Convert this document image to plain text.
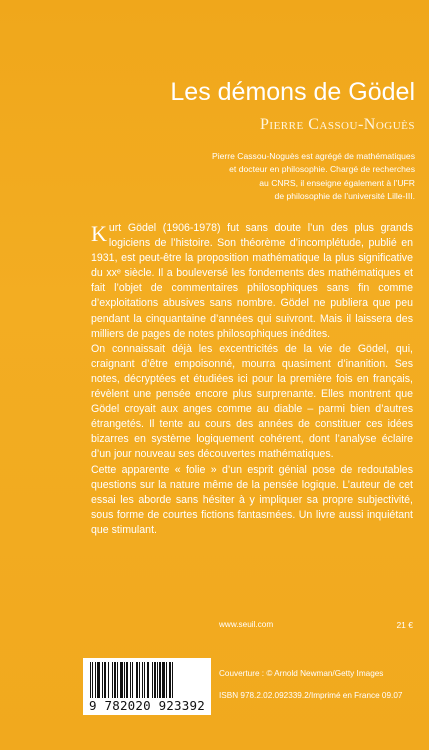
Les démons de Gödel
Pierre Cassou-Noguès
Pierre Cassou-Noguès est agrégé de mathématiques
et docteur en philosophie. Chargé de recherches
au CNRS, il enseigne également à l’UFR
de philosophie de l’université Lille-III.

Kurt Gödel (1906-1978) fut sans doute l’un des plus grands logiciens de l’histoire. Son théorème d’incomplétude, publié en 1931, est peut-être la proposition mathématique la plus significative du xxᵉ siècle. Il a bouleversé les fondements des mathématiques et fait l’objet de commentaires philosophiques sans fin comme d’exploitations abusives sans nombre. Gödel ne publiera que peu pendant la cinquantaine d’années qui suivront. Mais il laissera des milliers de pages de notes philosophiques inédites.

On connaissait déjà les excentricités de la vie de Gödel, qui, craignant d’être empoisonné, mourra quasiment d’inanition. Ses notes, décryptées et étudiées ici pour la première fois en français, révèlent une pensée encore plus surprenante. Elles montrent que Gödel croyait aux anges comme au diable – parmi bien d’autres étrangetés. Il tente au cours des années de constituer ces idées bizarres en système logiquement cohérent, dont l’analyse éclaire d’un jour nouveau ses découvertes mathématiques.

Cette apparente « folie » d’un esprit génial pose de redoutables questions sur la nature même de la pensée logique. L’auteur de cet essai les aborde sans hésiter à y impliquer sa propre subjectivité, sous forme de courtes fictions fantasmées. Un livre aussi inquiétant que stimulant.

www.seuil.com	21 €
9 782020 923392
Couverture : © Arnold Newman/Getty Images
ISBN 978.2.02.092339.2/Imprimé en France 09.07
